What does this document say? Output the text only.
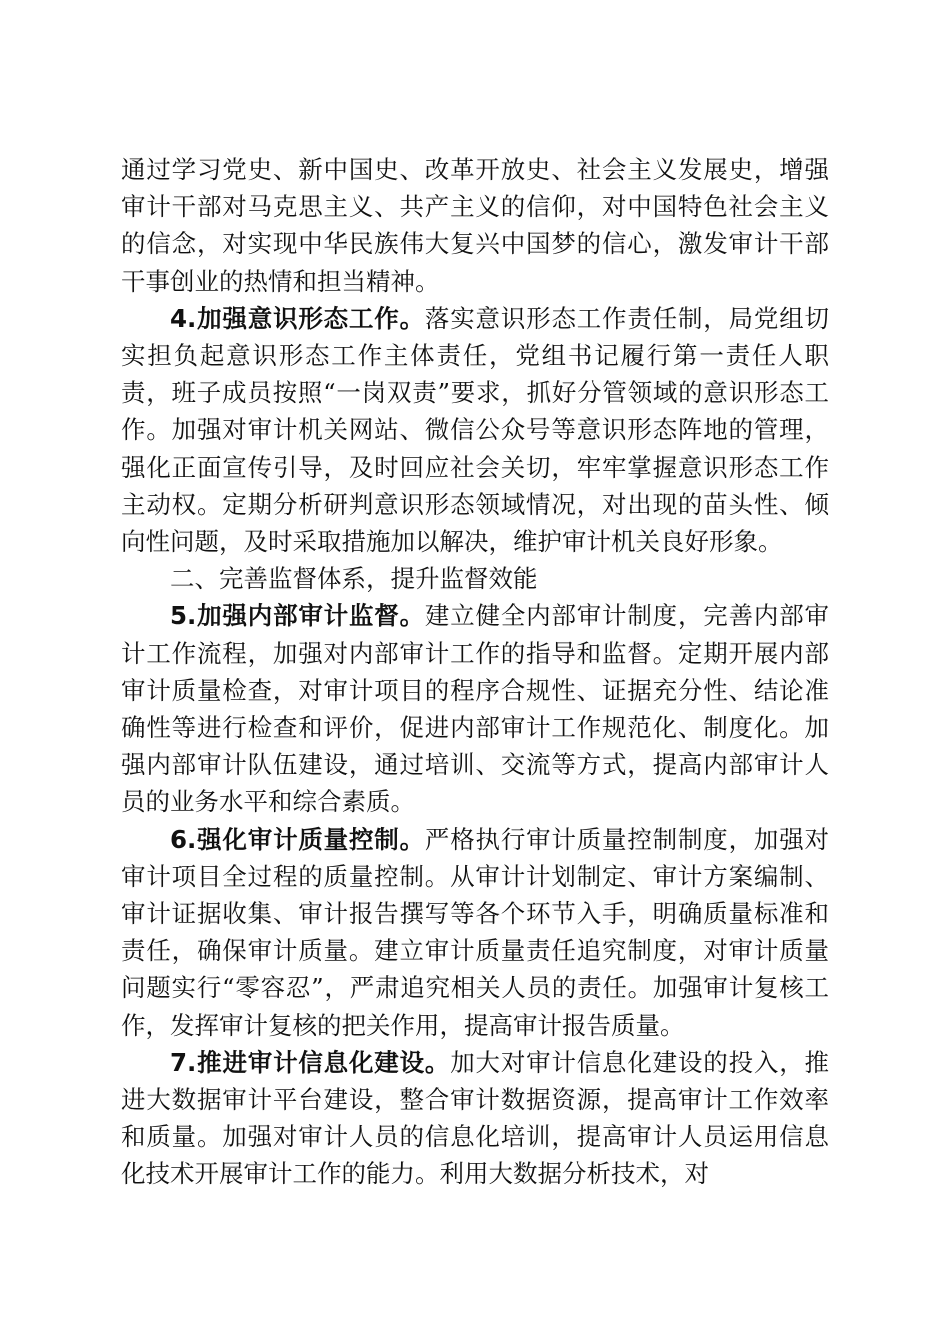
通过学习党史、新中国史、改革开放史、社会主义发展史，增强审计干部对马克思主义、共产主义的信仰，对中国特色社会主义的信念，对实现中华民族伟大复兴中国梦的信心，激发审计干部干事创业的热情和担当精神。

4.加强意识形态工作。落实意识形态工作责任制，局党组切实担负起意识形态工作主体责任，党组书记履行第一责任人职责，班子成员按照“一岗双责”要求，抓好分管领域的意识形态工作。加强对审计机关网站、微信公众号等意识形态阵地的管理，强化正面宣传引导，及时回应社会关切，牢牢掌握意识形态工作主动权。定期分析研判意识形态领域情况，对出现的苗头性、倾向性问题，及时采取措施加以解决，维护审计机关良好形象。

二、完善监督体系，提升监督效能

5.加强内部审计监督。建立健全内部审计制度，完善内部审计工作流程，加强对内部审计工作的指导和监督。定期开展内部审计质量检查，对审计项目的程序合规性、证据充分性、结论准确性等进行检查和评价，促进内部审计工作规范化、制度化。加强内部审计队伍建设，通过培训、交流等方式，提高内部审计人员的业务水平和综合素质。

6.强化审计质量控制。严格执行审计质量控制制度，加强对审计项目全过程的质量控制。从审计计划制定、审计方案编制、审计证据收集、审计报告撰写等各个环节入手，明确质量标准和责任，确保审计质量。建立审计质量责任追究制度，对审计质量问题实行“零容忍”，严肃追究相关人员的责任。加强审计复核工作，发挥审计复核的把关作用，提高审计报告质量。

7.推进审计信息化建设。加大对审计信息化建设的投入，推进大数据审计平台建设，整合审计数据资源，提高审计工作效率和质量。加强对审计人员的信息化培训，提高审计人员运用信息化技术开展审计工作的能力。利用大数据分析技术，对
